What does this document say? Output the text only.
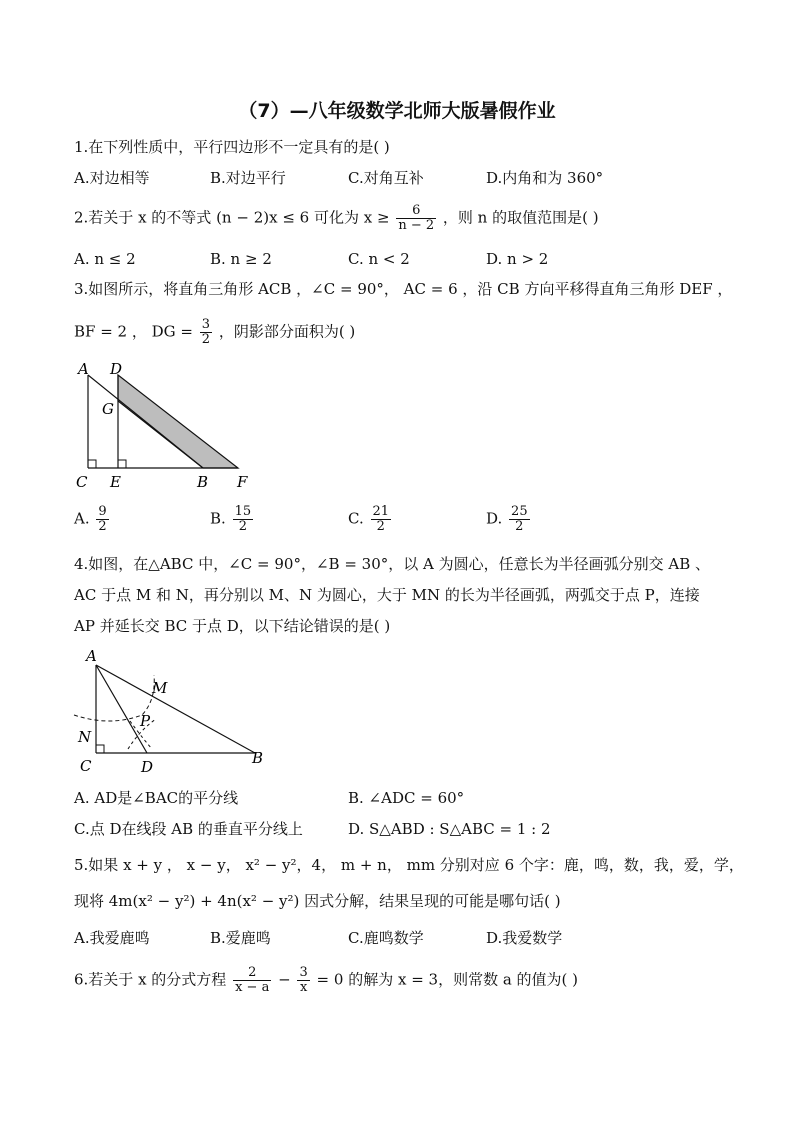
（7）—八年级数学北师大版暑假作业
1.在下列性质中，平行四边形不一定具有的是( )
A.对边相等	B.对边平行	C.对角互补	D.内角和为 360°
2.若关于 x 的不等式 (n − 2)x ≤ 6 可化为 $x \ge \frac{6}{n - 2}$ ，则 n 的取值范围是( )
A. n ≤ 2	B. n ≥ 2	C. n < 2	D. n > 2
3.如图所示，将直角三角形 ACB ，∠C = 90°， AC = 6 ，沿 CB 方向平移得直角三角形 DEF ，
BF = 2 ， DG = $\frac{3}{2}$ ，阴影部分面积为( )
A D
G
C E	B F
A. $\frac{9}{2}$	B. $\frac{15}{2}$	C. $\frac{21}{2}$	D. $\frac{25}{2}$
4.如图，在△ABC 中，∠C = 90°，∠B = 30°，以 A 为圆心，任意长为半径画弧分别交 AB 、
AC 于点 M 和 N，再分别以 M、N 为圆心，大于 MN 的长为半径画弧，两弧交于点 P，连接
AP 并延长交 BC 于点 D，以下结论错误的是( )
A
M
P
N
C	D	B
A. AD是∠BAC的平分线	B. ∠ADC = 60°
C.点 D在线段 AB 的垂直平分线上	D. S△ABD : S△ABC = 1 : 2
5.如果 x + y ， x − y， x² − y²，4， m + n， mm 分别对应 6 个字：鹿，鸣，数，我，爱，学，
现将 4m(x² − y²) + 4n(x² − y²) 因式分解，结果呈现的可能是哪句话( )
A.我爱鹿鸣	B.爱鹿鸣	C.鹿鸣数学	D.我爱数学
6.若关于 x 的分式方程 $\frac{2}{x - a} - \frac{3}{x} = 0$ 的解为 x = 3，则常数 a 的值为( )
